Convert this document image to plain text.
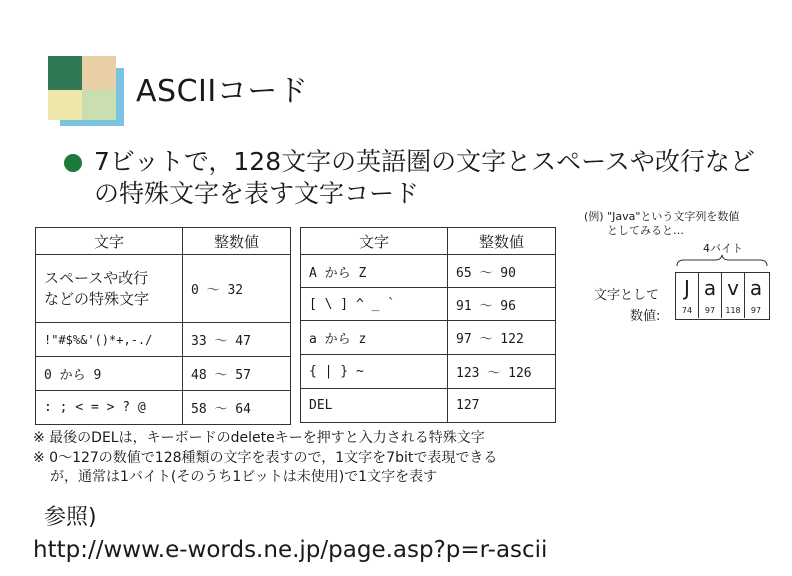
ASCIIコード
7ビットで，128文字の英語圏の文字とスペースや改行などの特殊文字を表す文字コード
文字	整数値

スペースや改行
などの特殊文字	0 ～ 32
!"#$%&'()*+,-./	33 ～ 47
0 から 9	48 ～ 57
: ; < = > ? @	58 ～ 64
文字	整数値
A から Z	65 ～ 90
[ \ ] ^ _ `	91 ～ 96
a から z	97 ～ 122
{ | } ~	123 ～ 126
DEL	127
※ 最後のDELは，キーボードのdeleteキーを押すと入力される特殊文字
※ 0～127の数値で128種類の文字を表すので，1文字を7bitで表現できる
が，通常は1バイト(そのうち1ビットは未使用)で1文字を表す
参照)
http://www.e-words.ne.jp/page.asp?p=r-ascii
(例) "Java"という文字列を数値
としてみると…
4バイト
文字として
数値:
J a v a
74	97	118	97
